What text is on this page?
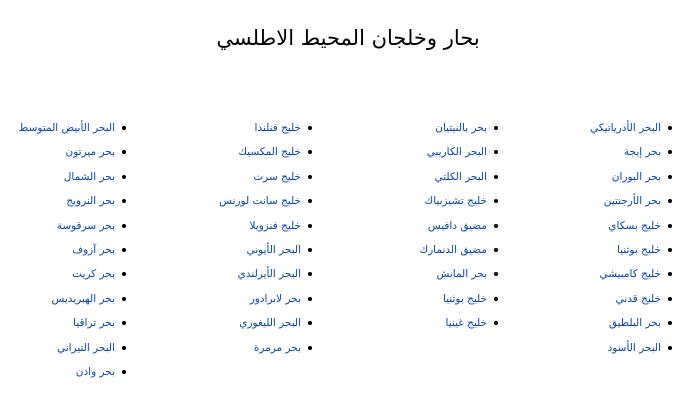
بحار وخلجان المحيط الاطلسي
البحر الأدرياتيكي
بحر إيجة
بحر البوران
بحر الأرجنتين
خليج بسكاي
خليج بوثنيا
خليج كامبيشي
خليج قدني
بحر البلطيق
البحر الأسود
بحر بالنيتيان
البحر الكاريبي
البحر الكلتي
خليج تشيزبياك
مضيق دافيس
مضيق الدنمارك
بحر المانش
خليج بوثنيا
خليج غينيا
خليج فنلندا
خليج المكسيك
خليج سرت
خليج سانت لورنس
خليج فنزويلا
البحر الأيوني
البحر الأيرلندي
بحر لابرادور
البحر الليغوري
بحر مرمرة
البحر الأبيض المتوسط
بحر ميرتون
بحر الشمال
بحر النرويج
بحر سرقوسة
بحر آزوف
بحر كريت
بحر الهبريديس
بحر تراقيا
البحر التيراني
بحر وادن
